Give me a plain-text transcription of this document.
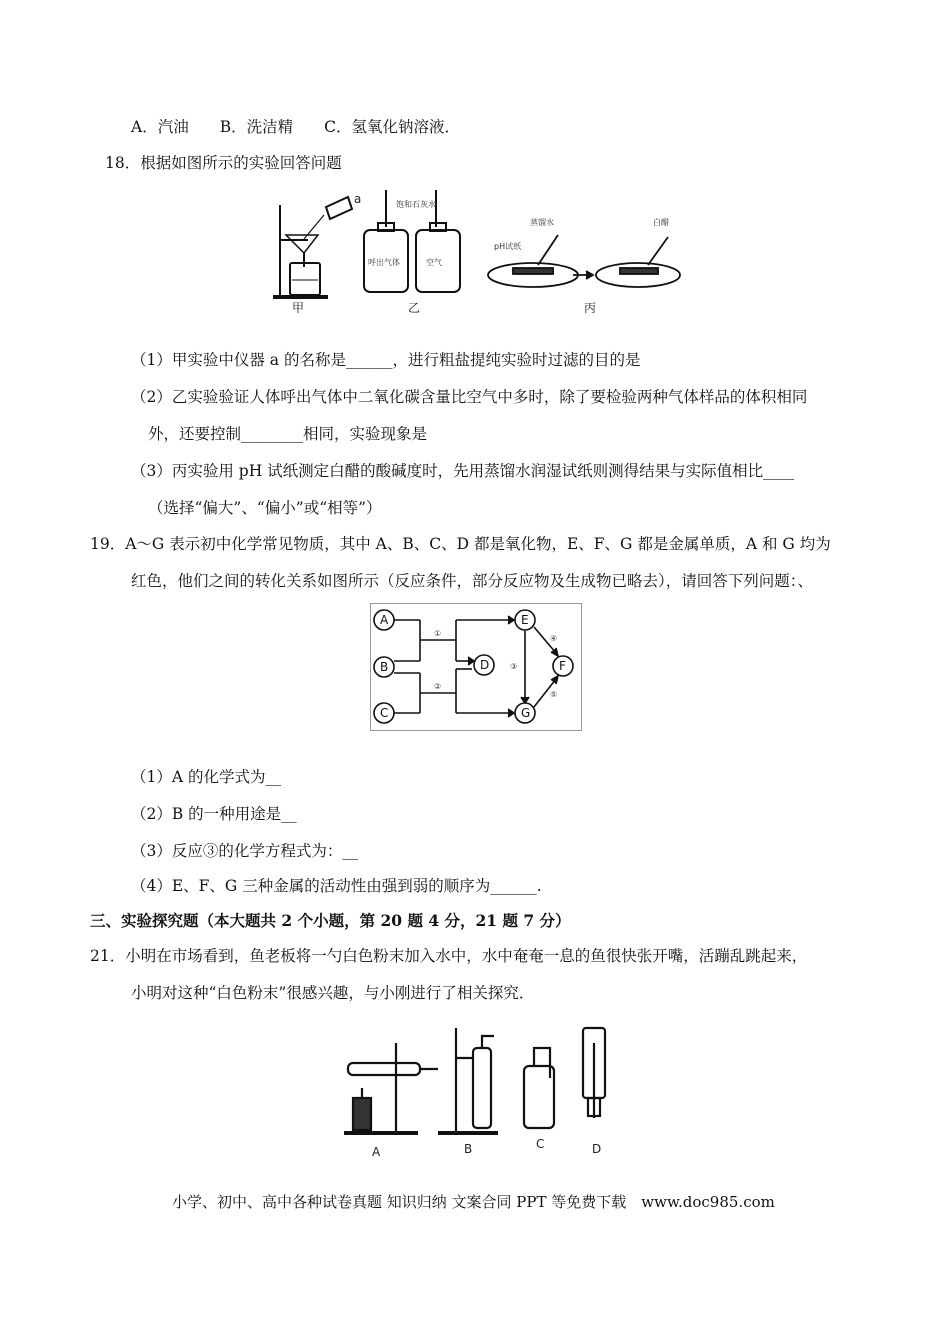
A．汽油　　B．洗洁精　　C．氢氧化钠溶液．
18．根据如图所示的实验回答问题
a
甲
饱和石灰水
呼出气体	空气
乙
蒸馏水
pH试纸
白醋
丙
（1）甲实验中仪器 a 的名称是______，进行粗盐提纯实验时过滤的目的是
（2）乙实验验证人体呼出气体中二氧化碳含量比空气中多时，除了要检验两种气体样品的体积相同
外，还要控制________相同，实验现象是
（3）丙实验用 pH 试纸测定白醋的酸碱度时，先用蒸馏水润湿试纸则测得结果与实际值相比____
（选择“偏大”、“偏小”或“相等”）
19．A～G 表示初中化学常见物质，其中 A、B、C、D 都是氧化物，E、F、G 都是金属单质，A 和 G 均为
红色，他们之间的转化关系如图所示（反应条件，部分反应物及生成物已略去），请回答下列问题：、
A
B
C
D
E
F
G
①
②
③
④
⑤
（1）A 的化学式为__
（2）B 的一种用途是__
（3）反应③的化学方程式为：__
（4）E、F、G 三种金属的活动性由强到弱的顺序为______.
三、实验探究题（本大题共 2 个小题，第 20 题 4 分，21 题 7 分）
21．小明在市场看到，鱼老板将一勺白色粉末加入水中，水中奄奄一息的鱼很快张开嘴，活蹦乱跳起来，
小明对这种“白色粉末”很感兴趣，与小刚进行了相关探究．
A	B	C	D
小学、初中、高中各种试卷真题 知识归纳 文案合同 PPT 等免费下载　www.doc985.com
